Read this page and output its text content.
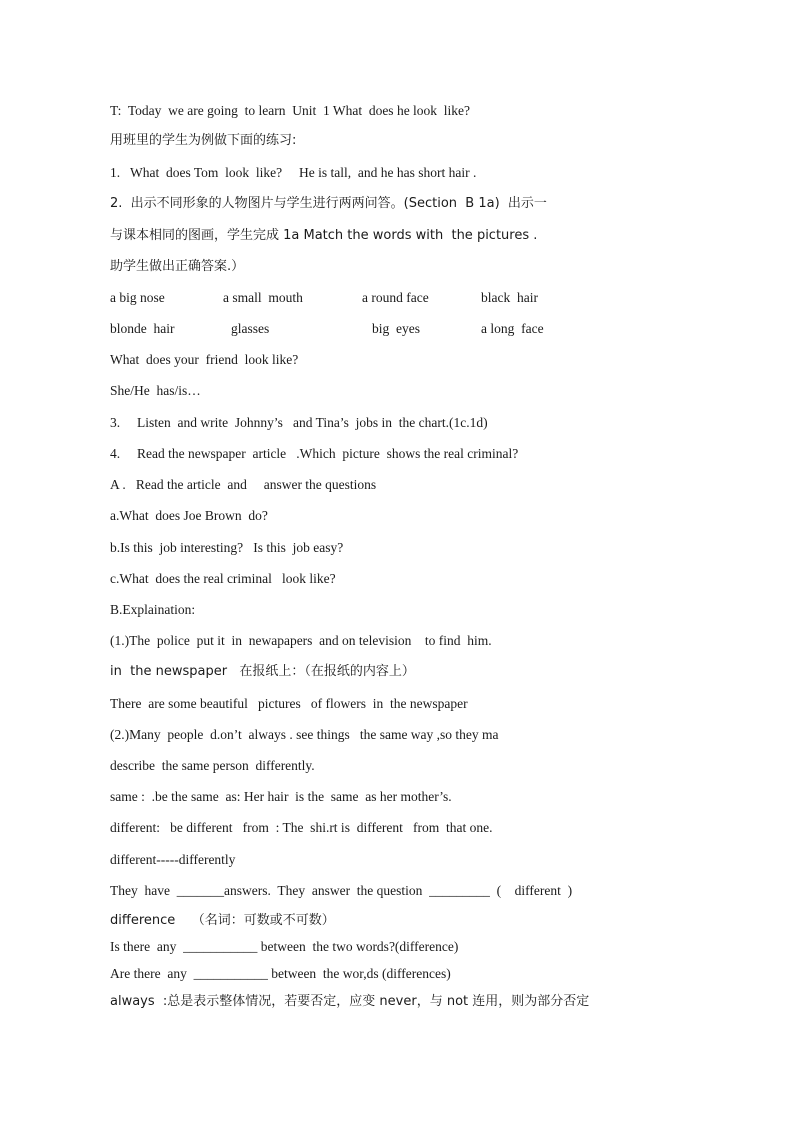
T:  Today  we are going  to learn  Unit  1 What  does he look  like?
用班里的学生为例做下面的练习:
1.   What  does Tom  look  like?     He is tall,  and he has short hair .
2.  出示不同形象的人物图片与学生进行两两问答。(Section  B 1a)  出示一
与课本相同的图画，学生完成 1a Match the words with  the pictures .
助学生做出正确答案.）
a big nose	a small  mouth	a round face	black  hair
blonde  hair	glasses	big  eyes	a long  face
What  does your  friend  look like?
She/He  has/is…
3.     Listen  and write  Johnny’s   and Tina’s  jobs in  the chart.(1c.1d)
4.     Read the newspaper  article   .Which  picture  shows the real criminal?
A .   Read the article  and     answer the questions
a.What  does Joe Brown  do?
b.Is this  job interesting?   Is this  job easy?
c.What  does the real criminal   look like?
B.Explaination:
(1.)The  police  put it  in  newapapers  and on television    to find  him.
in  the newspaper   在报纸上：（在报纸的内容上）
There  are some beautiful   pictures   of flowers  in  the newspaper
(2.)Many  people  d.on’t  always . see things   the same way ,so they ma
describe  the same person  differently.
same :  .be the same  as: Her hair  is the  same  as her mother’s.
different:   be different   from  : The  shi.rt is  different   from  that one.
different-----differently
They  have  _______answers.  They  answer  the question  _________  (    different  )
difference    （名词：可数或不可数）
Is there  any  ___________ between  the two words?(difference)
Are there  any  ___________ between  the wor,ds (differences)
always  :总是表示整体情况，若要否定，应变 never，与 not 连用，则为部分否定
